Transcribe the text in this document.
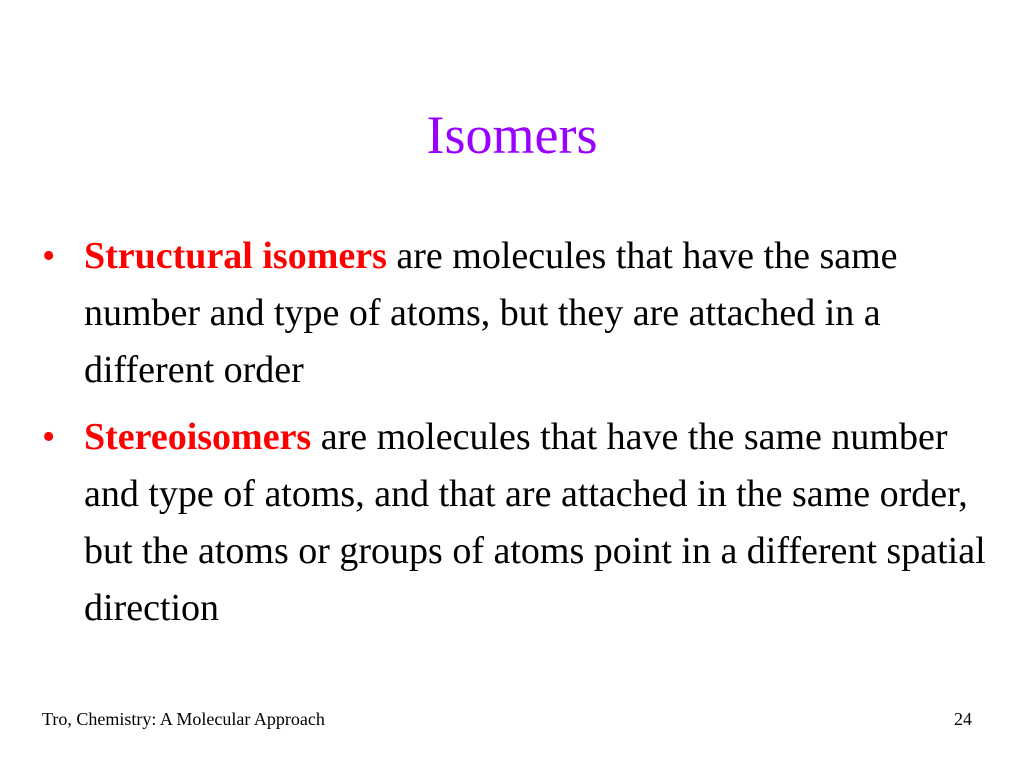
Isomers
• Structural isomers are molecules that have the same number and type of atoms, but they are attached in a different order
• Stereoisomers are molecules that have the same number and type of atoms, and that are attached in the same order, but the atoms or groups of atoms point in a different spatial direction
Tro, Chemistry: A Molecular Approach	24
